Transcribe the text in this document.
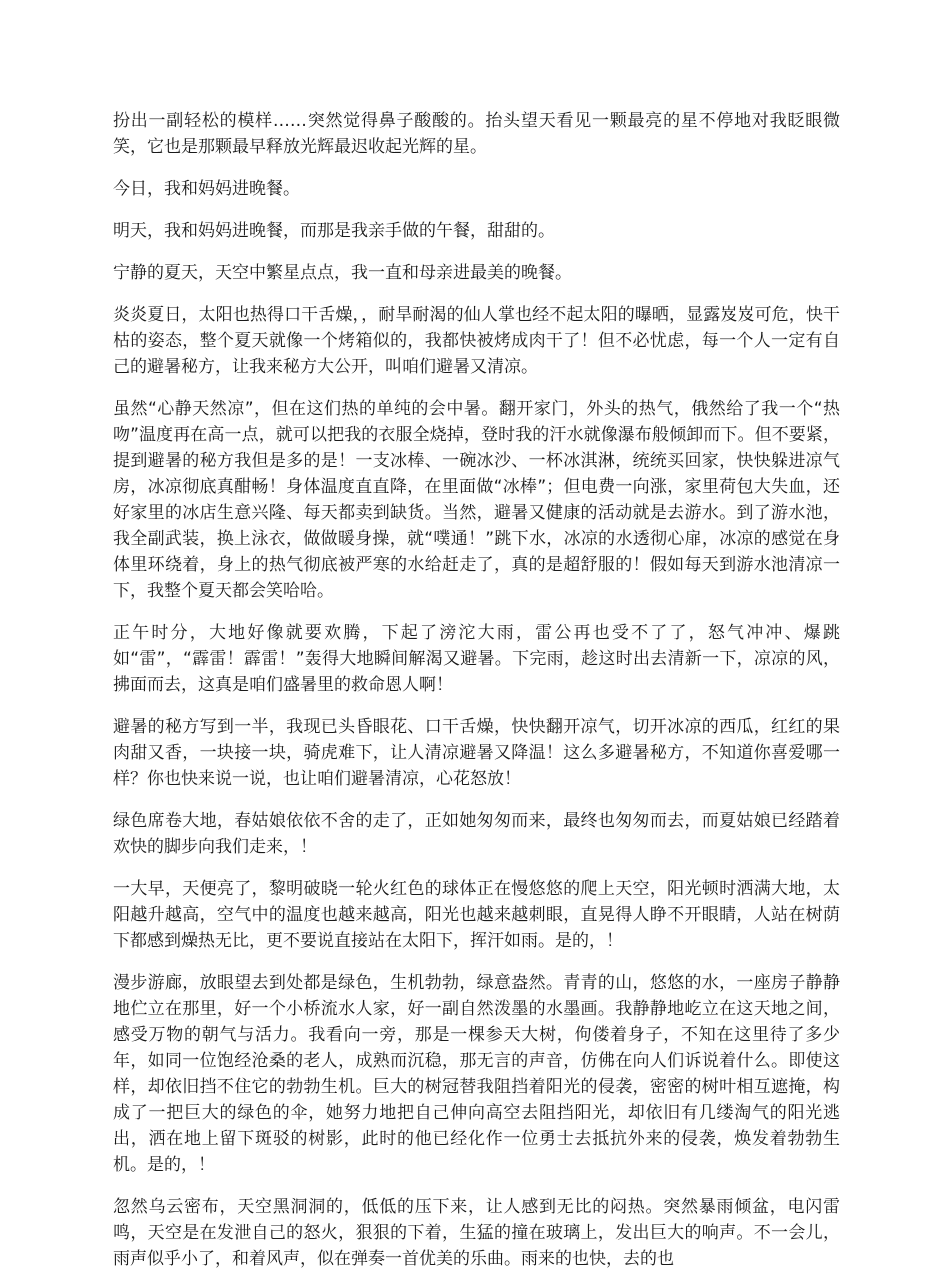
扮出一副轻松的模样……突然觉得鼻子酸酸的。抬头望天看见一颗最亮的星不停地对我眨眼微笑，它也是那颗最早释放光辉最迟收起光辉的星。

今日，我和妈妈进晚餐。

明天，我和妈妈进晚餐，而那是我亲手做的午餐，甜甜的。

宁静的夏天，天空中繁星点点，我一直和母亲进最美的晚餐。

炎炎夏日，太阳也热得口干舌燥，，耐旱耐渴的仙人掌也经不起太阳的曝晒，显露岌岌可危，快干枯的姿态，整个夏天就像一个烤箱似的，我都快被烤成肉干了！但不必忧虑，每一个人一定有自己的避暑秘方，让我来秘方大公开，叫咱们避暑又清凉。

虽然“心静天然凉”，但在这们热的单纯的会中暑。翻开家门，外头的热气，俄然给了我一个“热吻”温度再在高一点，就可以把我的衣服全烧掉，登时我的汗水就像瀑布般倾卸而下。但不要紧，提到避暑的秘方我但是多的是！一支冰棒、一碗冰沙、一杯冰淇淋，统统买回家，快快躲进凉气房，冰凉彻底真酣畅！身体温度直直降，在里面做“冰棒”；但电费一向涨，家里荷包大失血，还好家里的冰店生意兴隆、每天都卖到缺货。当然，避暑又健康的活动就是去游水。到了游水池，我全副武装，换上泳衣，做做暖身操，就“噗通！”跳下水，冰凉的水透彻心扉，冰凉的感觉在身体里环绕着，身上的热气彻底被严寒的水给赶走了，真的是超舒服的！假如每天到游水池清凉一下，我整个夏天都会笑哈哈。

正午时分，大地好像就要欢腾，下起了滂沱大雨，雷公再也受不了了，怒气冲冲、爆跳如“雷”，“霹雷！霹雷！”轰得大地瞬间解渴又避暑。下完雨，趁这时出去清新一下，凉凉的风，拂面而去，这真是咱们盛暑里的救命恩人啊！

避暑的秘方写到一半，我现已头昏眼花、口干舌燥，快快翻开凉气，切开冰凉的西瓜，红红的果肉甜又香，一块接一块，骑虎难下，让人清凉避暑又降温！这么多避暑秘方，不知道你喜爱哪一样？你也快来说一说，也让咱们避暑清凉，心花怒放！

绿色席卷大地，春姑娘依依不舍的走了，正如她匆匆而来，最终也匆匆而去，而夏姑娘已经踏着欢快的脚步向我们走来，！

一大早，天便亮了，黎明破晓一轮火红色的球体正在慢悠悠的爬上天空，阳光顿时洒满大地，太阳越升越高，空气中的温度也越来越高，阳光也越来越刺眼，直晃得人睁不开眼睛，人站在树荫下都感到燥热无比，更不要说直接站在太阳下，挥汗如雨。是的，！

漫步游廊，放眼望去到处都是绿色，生机勃勃，绿意盎然。青青的山，悠悠的水，一座房子静静地伫立在那里，好一个小桥流水人家，好一副自然泼墨的水墨画。我静静地屹立在这天地之间，感受万物的朝气与活力。我看向一旁，那是一棵参天大树，佝偻着身子，不知在这里待了多少年，如同一位饱经沧桑的老人，成熟而沉稳，那无言的声音，仿佛在向人们诉说着什么。即使这样，却依旧挡不住它的勃勃生机。巨大的树冠替我阻挡着阳光的侵袭，密密的树叶相互遮掩，构成了一把巨大的绿色的伞，她努力地把自己伸向高空去阻挡阳光，却依旧有几缕淘气的阳光逃出，洒在地上留下斑驳的树影，此时的他已经化作一位勇士去抵抗外来的侵袭，焕发着勃勃生机。是的，！

忽然乌云密布，天空黑洞洞的，低低的压下来，让人感到无比的闷热。突然暴雨倾盆，电闪雷鸣，天空是在发泄自己的怒火，狠狠的下着，生猛的撞在玻璃上，发出巨大的响声。不一会儿，雨声似乎小了，和着风声，似在弹奏一首优美的乐曲。雨来的也快，去的也
